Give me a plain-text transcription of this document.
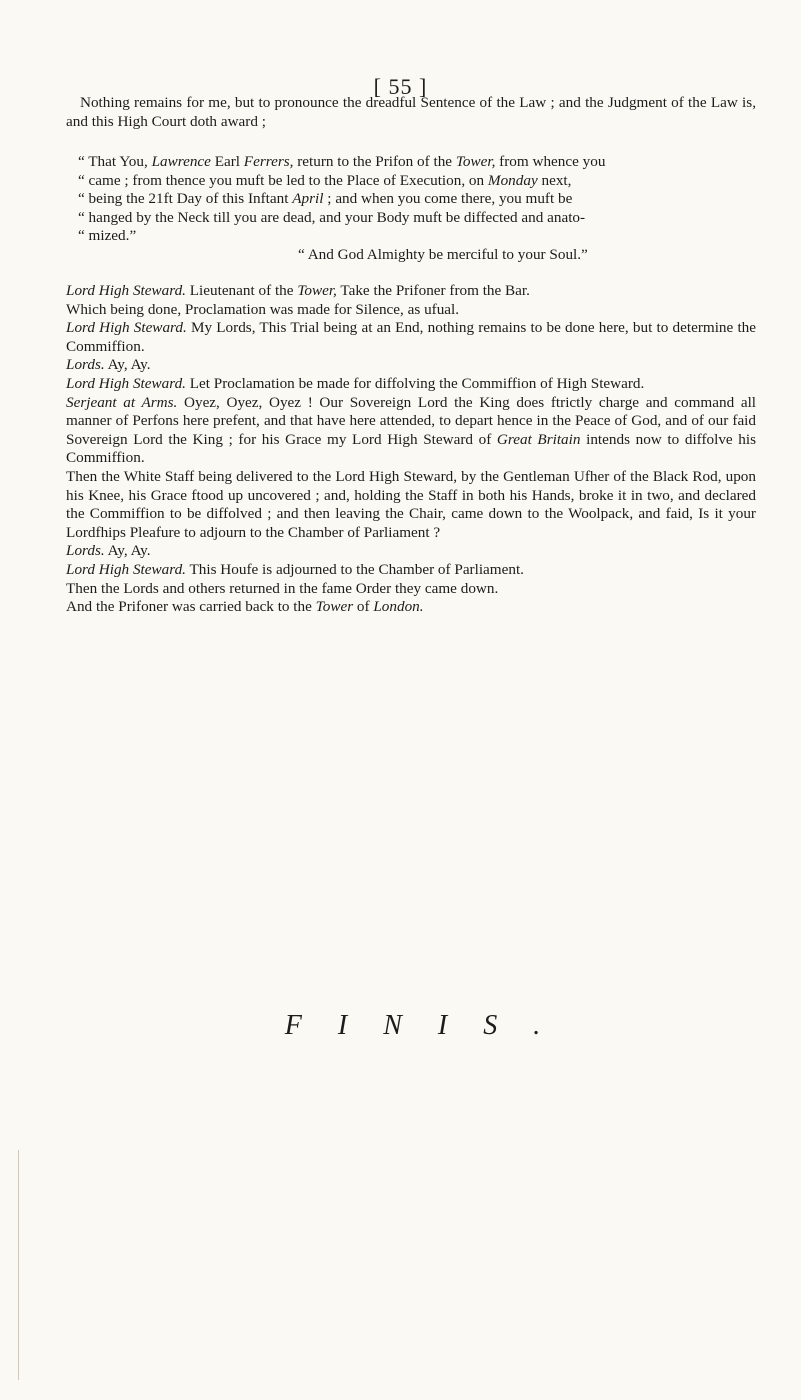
[ 55 ]
Nothing remains for me, but to pronounce the dreadful Sentence of the Law ; and the Judgment of the Law is, and this High Court doth award ;
“ That You, Lawrence Earl Ferrers, return to the Prifon of the Tower, from whence you
“ came ; from thence you muft be led to the Place of Execution, on Monday next,
“ being the 21ft Day of this Inftant April ; and when you come there, you muft be
“ hanged by the Neck till you are dead, and your Body muft be diffected and anato-
“ mized.”
“ And God Almighty be merciful to your Soul.”
Lord High Steward. Lieutenant of the Tower, Take the Prifoner from the Bar.
Which being done, Proclamation was made for Silence, as ufual.
Lord High Steward. My Lords, This Trial being at an End, nothing remains to be done here, but to determine the Commiffion.
Lords. Ay, Ay.
Lord High Steward. Let Proclamation be made for diffolving the Commiffion of High Steward.
Serjeant at Arms. Oyez, Oyez, Oyez ! Our Sovereign Lord the King does ftrictly charge and command all manner of Perfons here prefent, and that have here attended, to depart hence in the Peace of God, and of our faid Sovereign Lord the King ; for his Grace my Lord High Steward of Great Britain intends now to diffolve his Commiffion.
Then the White Staff being delivered to the Lord High Steward, by the Gentleman Ufher of the Black Rod, upon his Knee, his Grace ftood up uncovered ; and, holding the Staff in both his Hands, broke it in two, and declared the Commiffion to be diffolved ; and then leaving the Chair, came down to the Woolpack, and faid, Is it your Lordfhips Pleafure to adjourn to the Chamber of Parliament ?
Lords. Ay, Ay.
Lord High Steward. This Houfe is adjourned to the Chamber of Parliament.
Then the Lords and others returned in the fame Order they came down.
And the Prifoner was carried back to the Tower of London.
FINIS.
